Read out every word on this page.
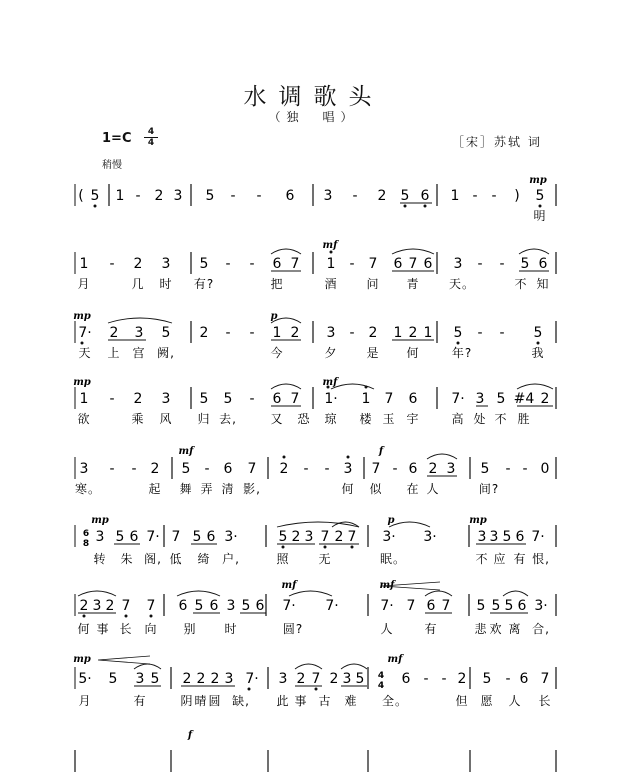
水调歌头
（独　唱）
1=C	4
4
稍慢
［宋］苏轼 词
( 5 1 - 2 3 5 - - 6 3 - 2 5 6 1 - - ) 5
mp
明
1 - 2 3 5 - - 6 7 1 - 7 6 7 6 3 - - 5 6
mf
月	几 时 有?	把	酒 问 青 天。	不 知
7· 2 3 5 2 - - 1 2 3 - 2 1 2 1 5 - - 5
mp	p
天 上 宫 阙,	今	夕 是 何	年?	我
1 - 2 3 5 5 - 6 7 1· 1 7 6 7· 3 5 #4 2
mp	mf
欲	乘 风 归 去,	又 恐 琼 楼 玉 宇	高 处 不 胜
3 - - 2 5 - 6 7 2 - - 3 7 - 6 2 3 5 - - 0
mf	f
寒。	起 舞 弄 清 影,	何 似 在 人	间?
6
8 3 5 6 7· 7 5 6 3·	5 2 3 7 2 7 3· 3·	3 3 5 6 7·
mp	p	mp
转 朱 阁, 低 绮 户,	照 无	眠。	不 应 有 恨,
2 3 2 7 7 6 5 6 3 5 6 7· 7·	7· 7 6 7 5 5 5 6 3·
mf	mf
何 事 长 向 别 时	圆?	人	有	悲 欢 离 合,
4
4
5· 5 3 5 2 2 2 3 7· 3 2 7 2 3 5	6 - - 2 5 - 6 7
mp	mf
月	有	阴 晴 圆 缺, 此 事 古 难 全。	但 愿 人 长
f
